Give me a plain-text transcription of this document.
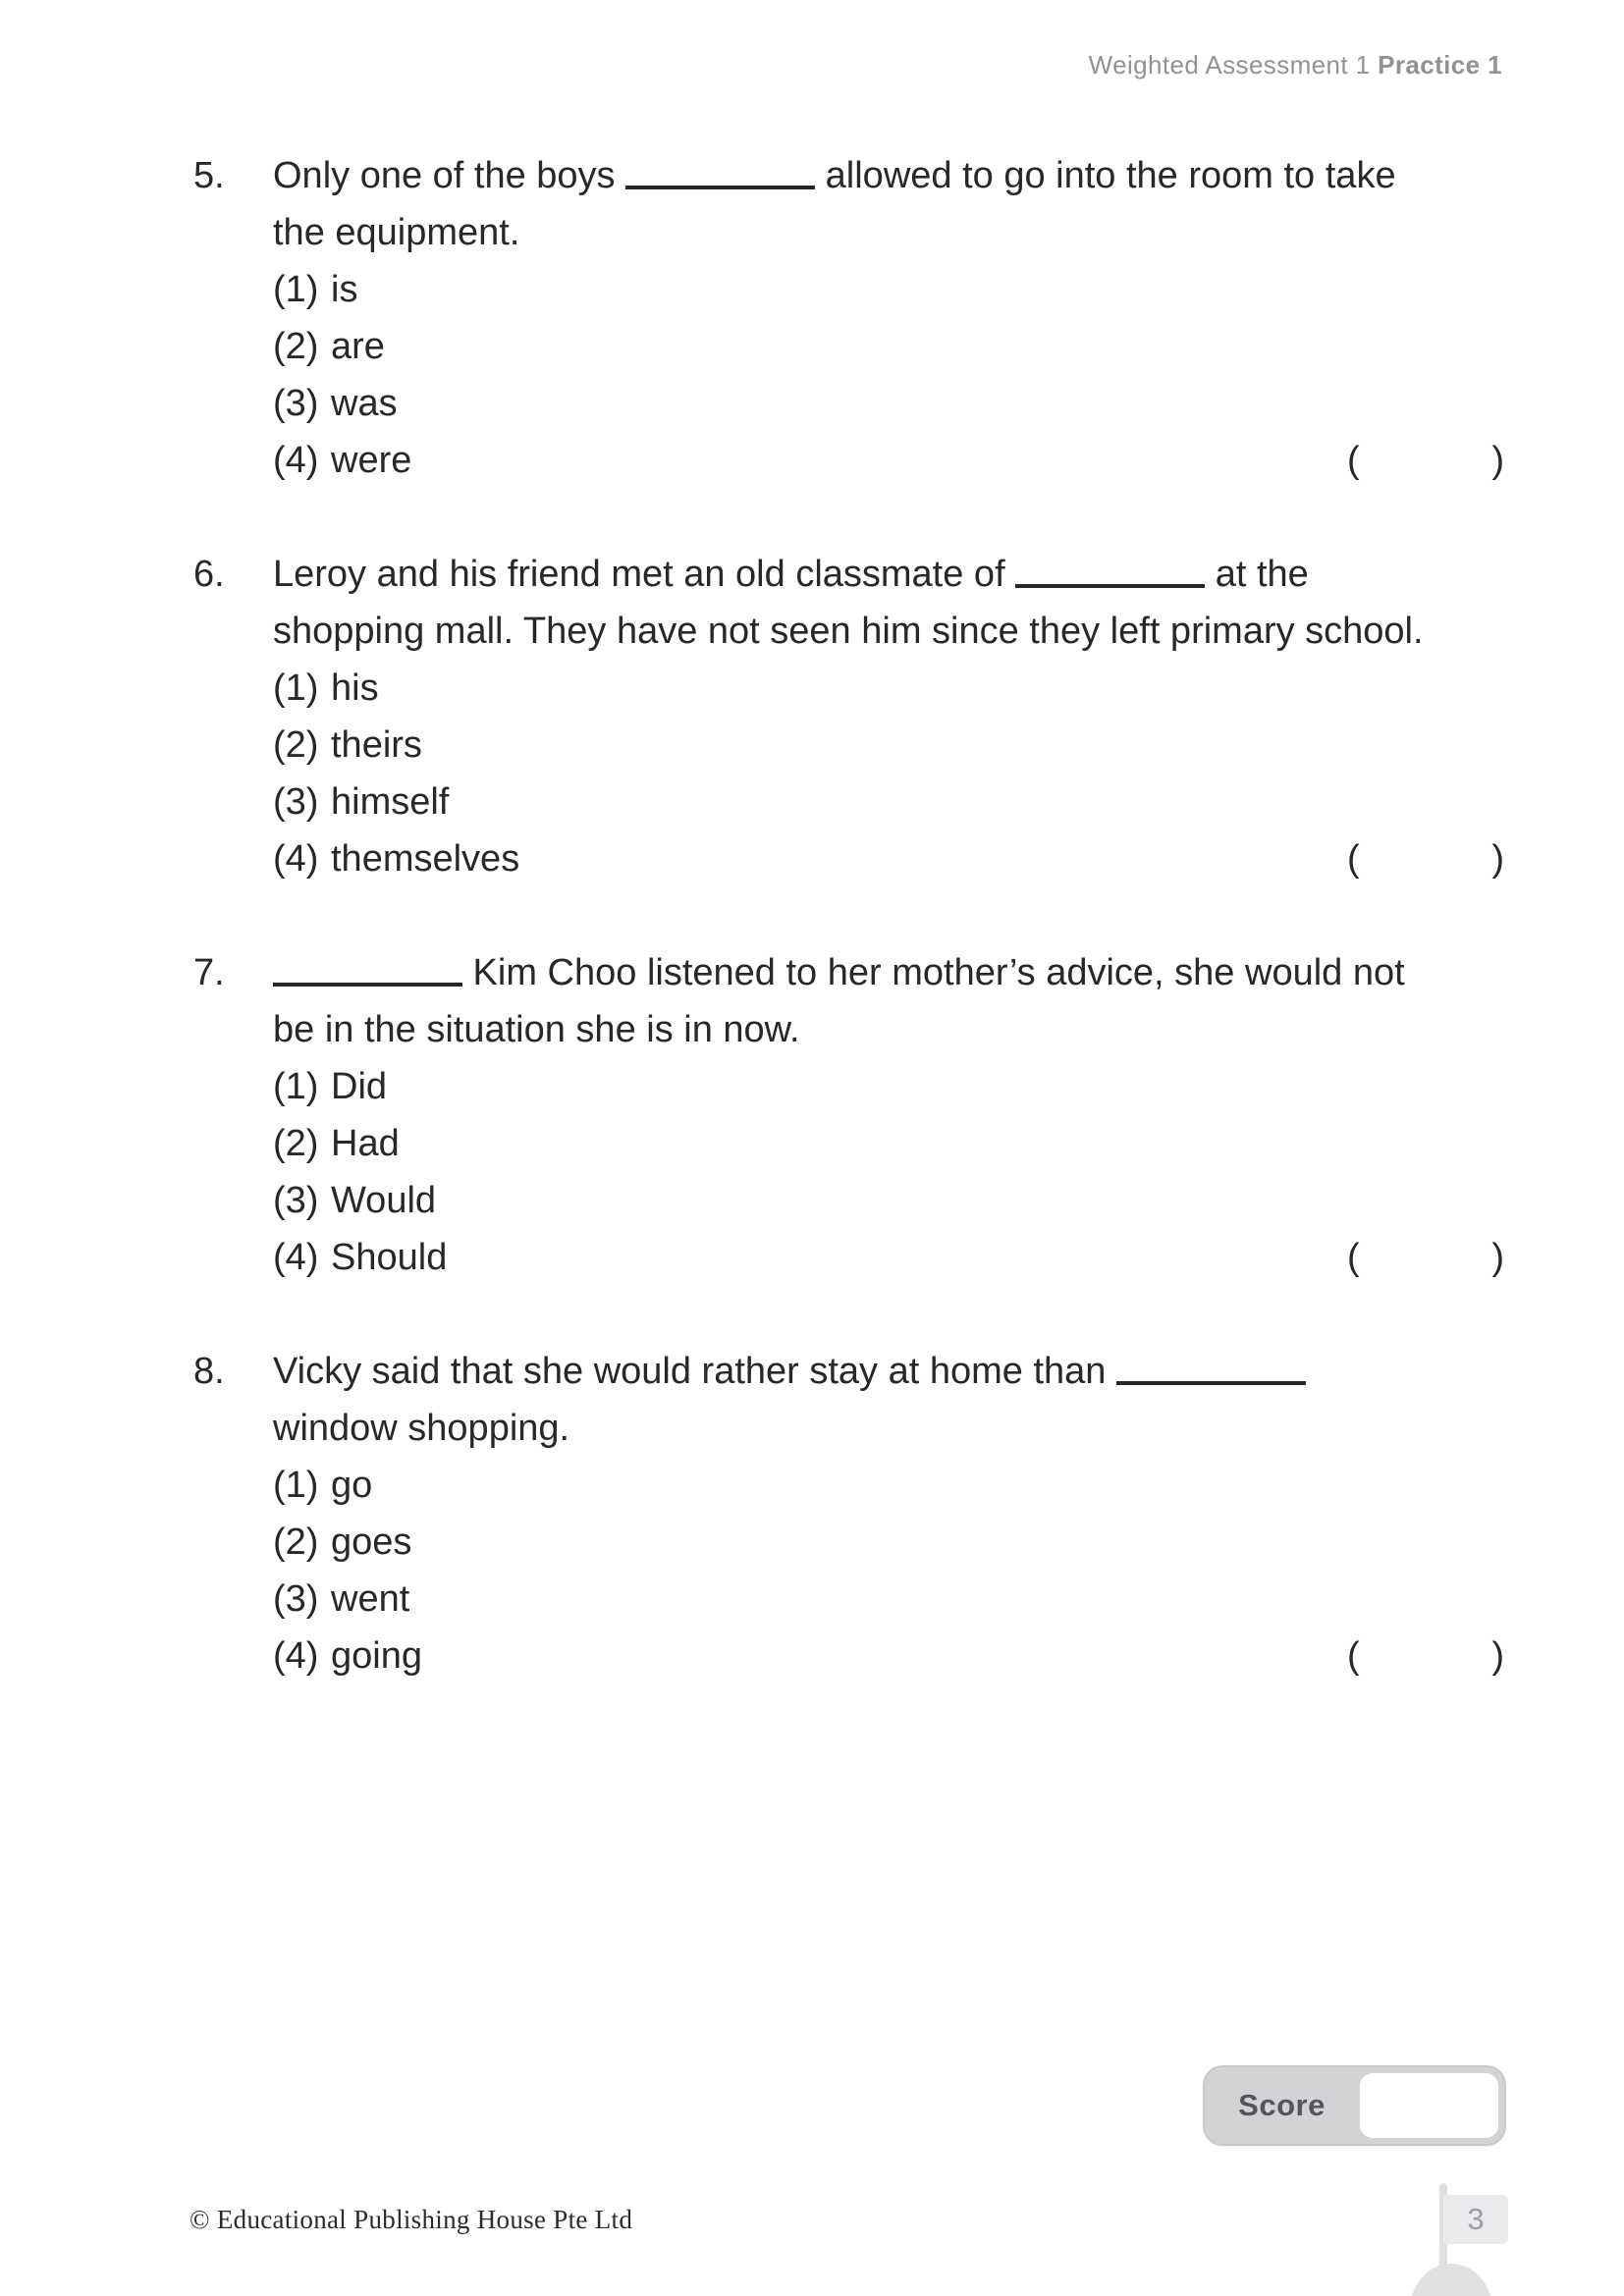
Weighted Assessment 1 Practice 1
5.	Only one of the boys	allowed to go into the room to take
the equipment.
(1) is
(2) are
(3) was
(4) were	(	)
6.	Leroy and his friend met an old classmate of	at the
shopping mall. They have not seen him since they left primary school.
(1) his
(2) theirs
(3) himself
(4) themselves	(	)
7.	Kim Choo listened to her mother’s advice, she would not
be in the situation she is in now.
(1) Did
(2) Had
(3) Would
(4) Should	(	)
8.	Vicky said that she would rather stay at home than
window shopping.
(1) go
(2) goes
(3) went
(4) going	(	)
Score
© Educational Publishing House Pte Ltd	3
